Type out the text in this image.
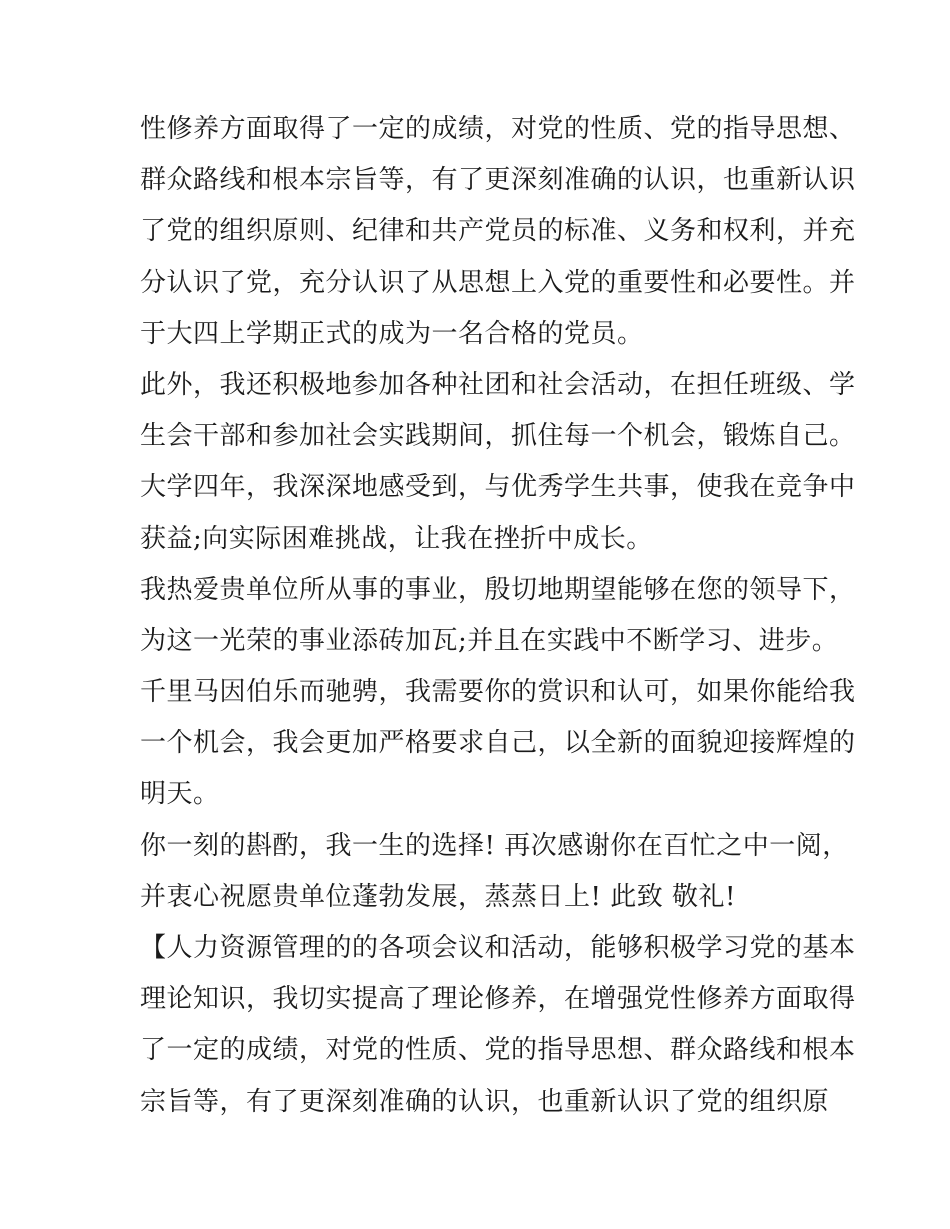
性修养方面取得了一定的成绩，对党的性质、党的指导思想、
群众路线和根本宗旨等，有了更深刻准确的认识，也重新认识
了党的组织原则、纪律和共产党员的标准、义务和权利，并充
分认识了党，充分认识了从思想上入党的重要性和必要性。并
于大四上学期正式的成为一名合格的党员。
此外，我还积极地参加各种社团和社会活动，在担任班级、学
生会干部和参加社会实践期间，抓住每一个机会，锻炼自己。
大学四年，我深深地感受到，与优秀学生共事，使我在竞争中
获益;向实际困难挑战，让我在挫折中成长。
我热爱贵单位所从事的事业，殷切地期望能够在您的领导下，
为这一光荣的事业添砖加瓦;并且在实践中不断学习、进步。
千里马因伯乐而驰骋，我需要你的赏识和认可，如果你能给我
一个机会，我会更加严格要求自己，以全新的面貌迎接辉煌的
明天。
你一刻的斟酌，我一生的选择! 再次感谢你在百忙之中一阅，
并衷心祝愿贵单位蓬勃发展，蒸蒸日上! 此致 敬礼!
【人力资源管理的的各项会议和活动，能够积极学习党的基本
理论知识，我切实提高了理论修养，在增强党性修养方面取得
了一定的成绩，对党的性质、党的指导思想、群众路线和根本
宗旨等，有了更深刻准确的认识，也重新认识了党的组织原
